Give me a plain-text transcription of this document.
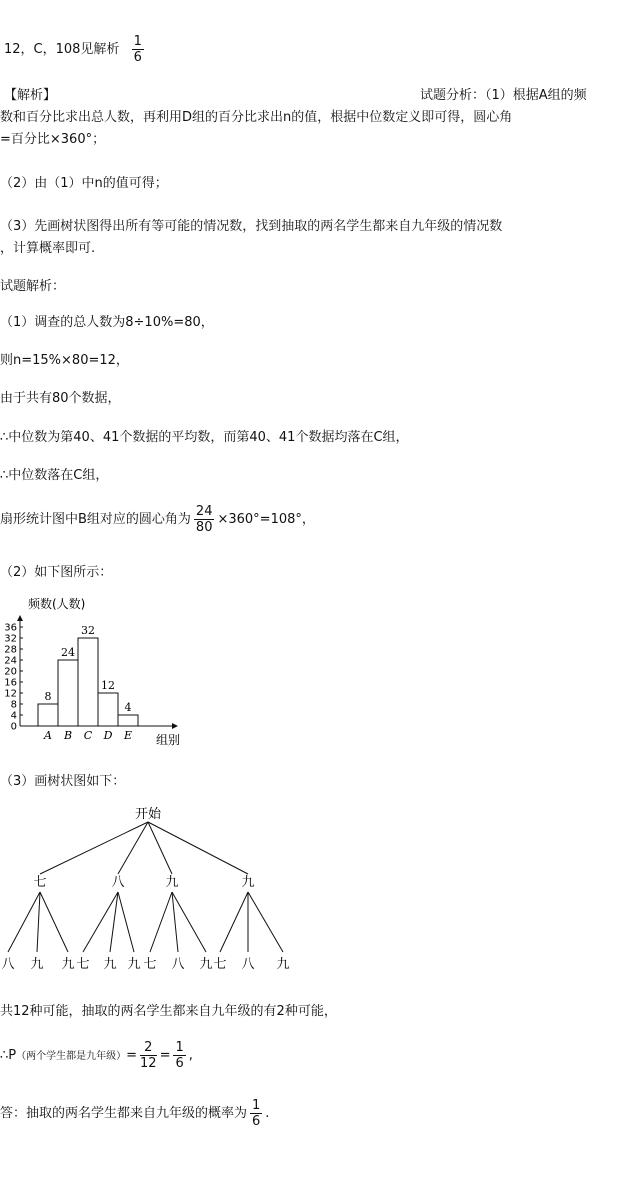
12，C，108见解析 $\frac{1}{6}$
【解析】	试题分析：（1）根据A组的频
数和百分比求出总人数，再利用D组的百分比求出n的值，根据中位数定义即可得，圆心角
=百分比×360°；
（2）由（1）中n的值可得；
（3）先画树状图得出所有等可能的情况数，找到抽取的两名学生都来自九年级的情况数
，计算概率即可.
试题解析：
（1）调查的总人数为8÷10%=80，
则n=15%×80=12，
由于共有80个数据，
∴中位数为第40、41个数据的平均数，而第40、41个数据均落在C组，
∴中位数落在C组，
扇形统计图中B组对应的圆心角为 $\frac{24}{80} \times 360^\circ=108^\circ$，
（2）如下图所示：
频数(人数)
组别
0
4
8
12
16
20
24
28
32
36
8
A
24
B
32
C
12
D
4
E
（3）画树状图如下：
开始
七
八 九 九
八
七 九 九
九
七 八 九
九
七 八 九
共12种可能，抽取的两名学生都来自九年级的有2种可能，
∴P（两个学生都是九年级）= $\frac{2}{12} = \frac{1}{6}$ ,
答：抽取的两名学生都来自九年级的概率为 $\frac{1}{6}$ .
